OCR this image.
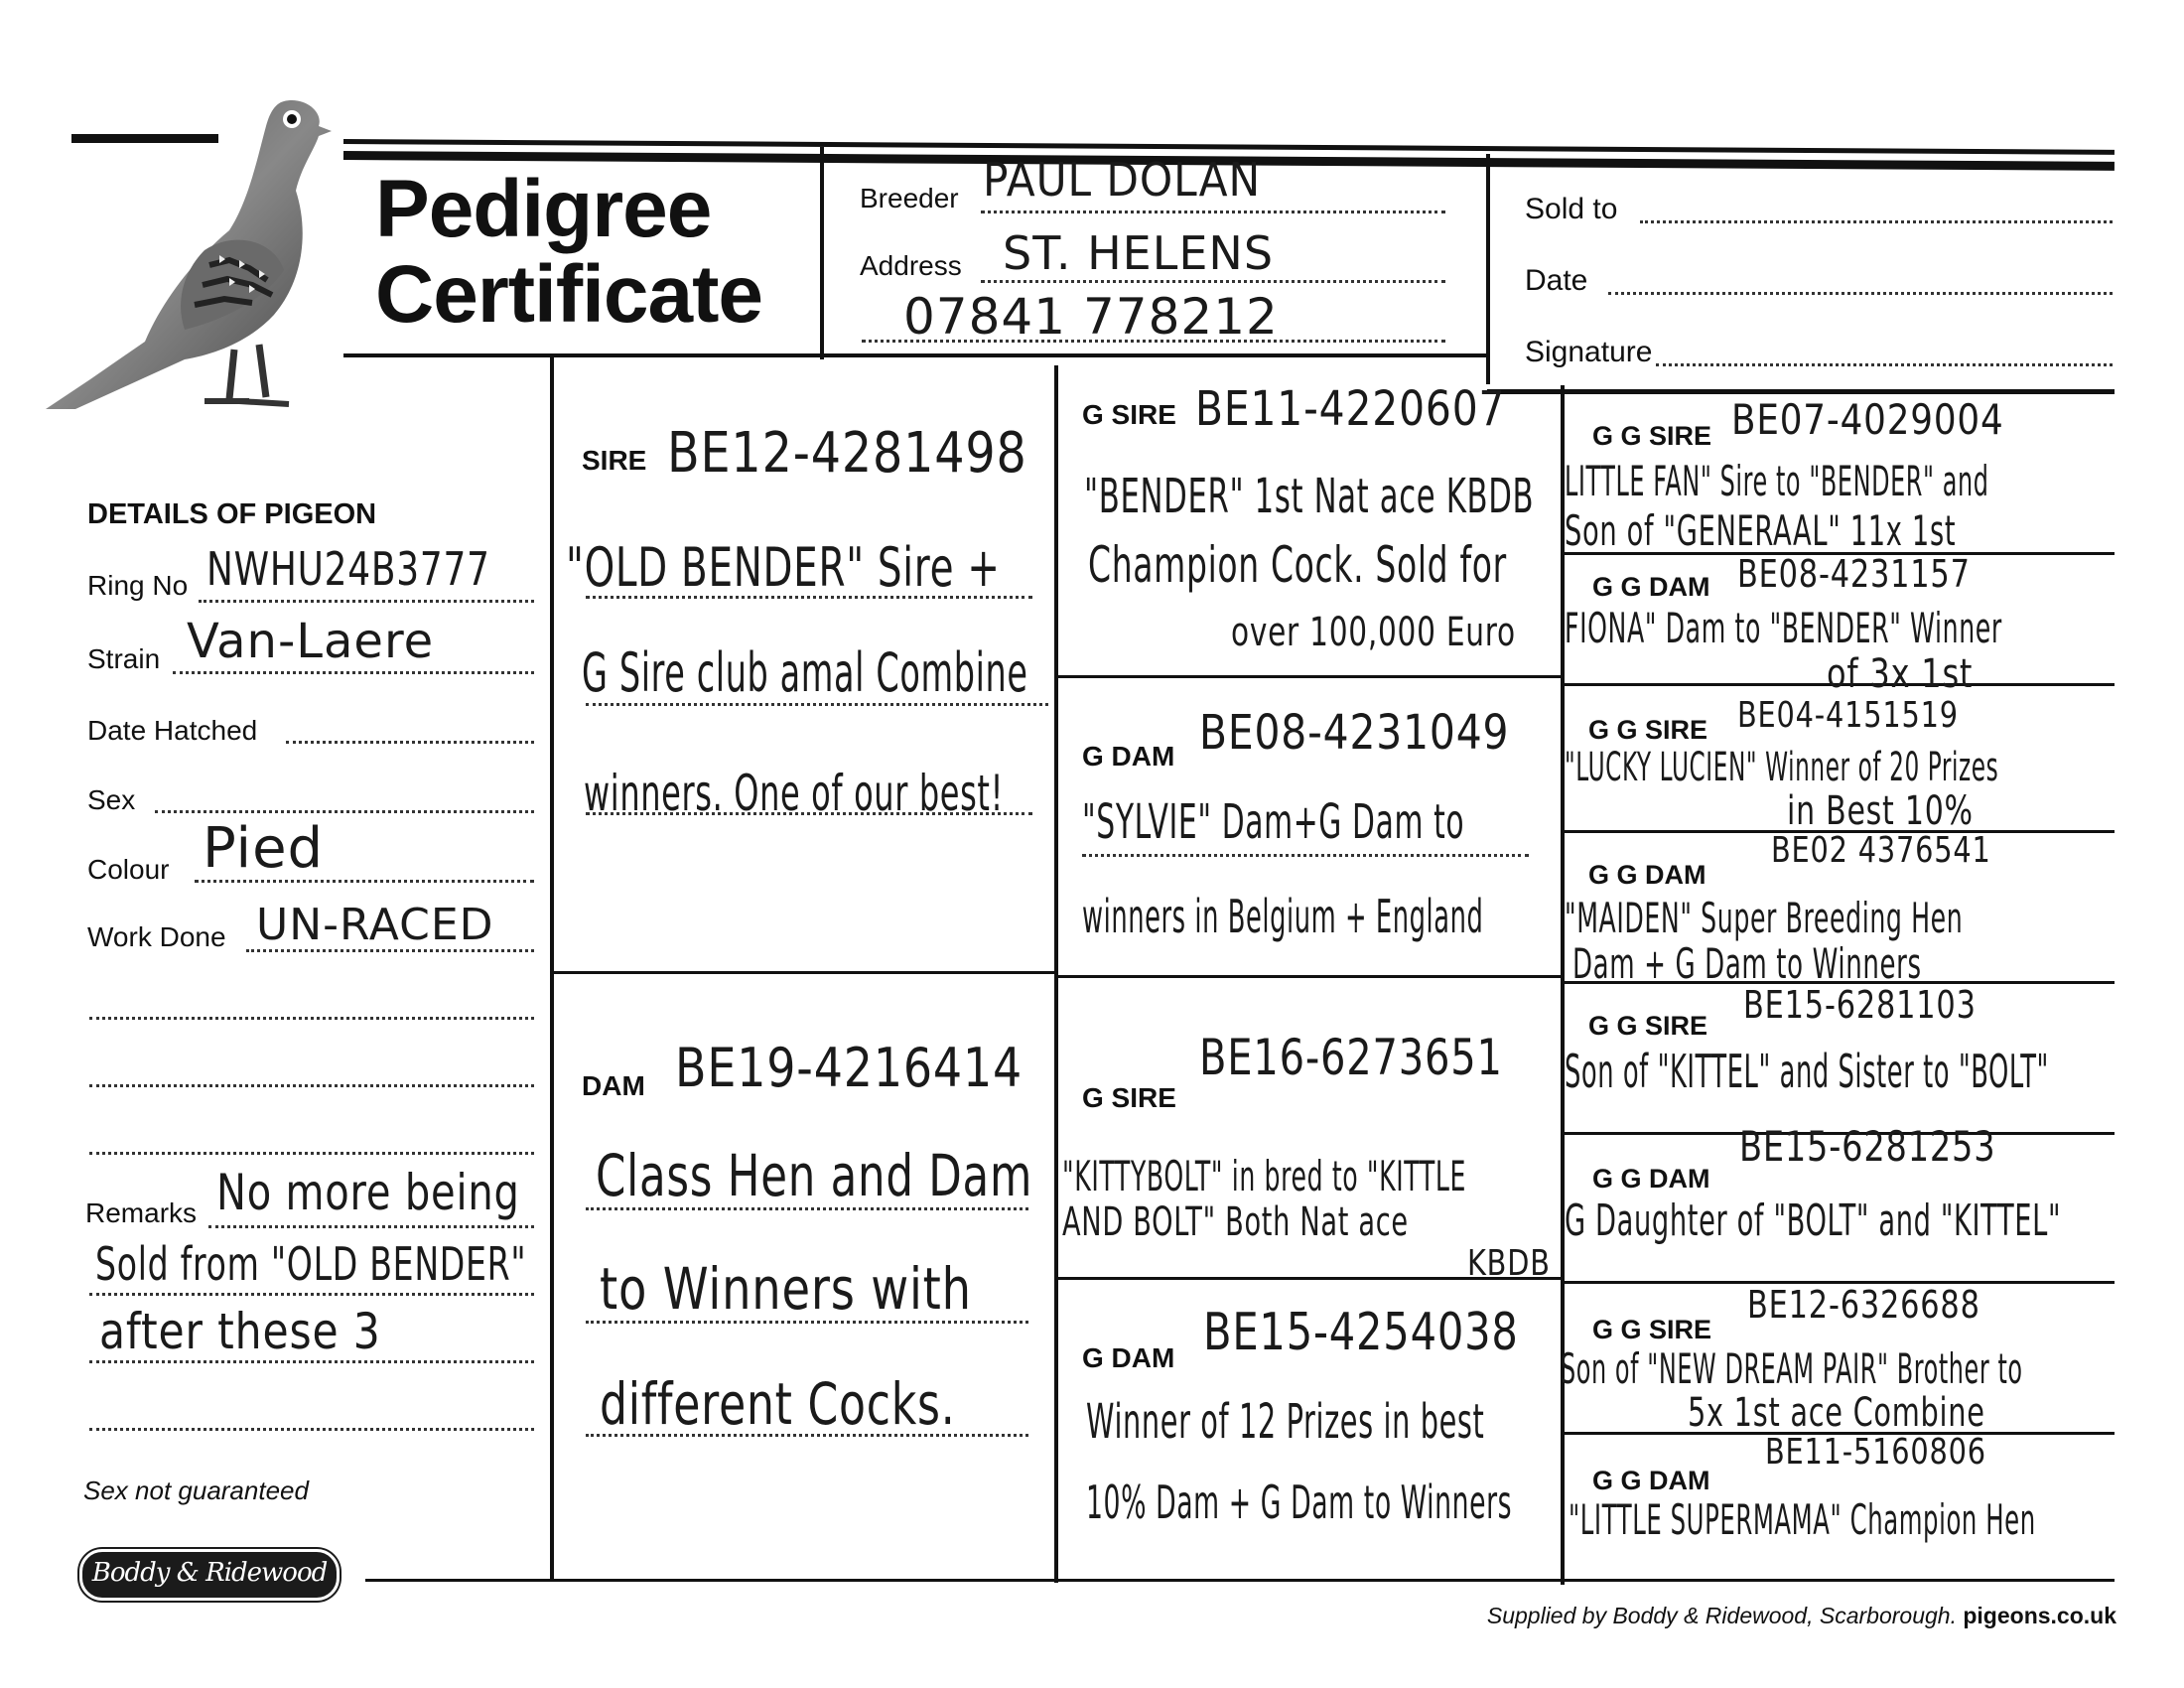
Pedigree
Certificate
Breeder PAUL DOLAN
Address ST. HELENS
07841 778212
Sold to
Date
Signature
DETAILS OF PIGEON
Ring No NWHU24B3777
Strain Van-Laere
Date Hatched
Sex
Colour Pied
Work Done UN-RACED
Remarks No more being
Sold from "OLD BENDER"
after these 3
Sex not guaranteed
Boddy & Ridewood
SIRE BE12-4281498
"OLD BENDER" Sire +
G Sire club amal Combine
winners. One of our best!
DAM BE19-4216414
Class Hen and Dam
to Winners with
different Cocks.
G SIRE BE11-4220607
"BENDER" 1st Nat ace KBDB
Champion Cock. Sold for
over 100,000 Euro
G DAM BE08-4231049
"SYLVIE" Dam+G Dam to
winners in Belgium + England
BE16-6273651
G SIRE
"KITTYBOLT" in bred to "KITTLE
AND BOLT" Both Nat ace
KBDB
G DAM BE15-4254038
Winner of 12 Prizes in best
10% Dam + G Dam to Winners
G G SIRE BE07-4029004
LITTLE FAN" Sire to "BENDER" and
Son of "GENERAAL" 11x 1st
G G DAM BE08-4231157
FIONA" Dam to "BENDER" Winner
of 3x 1st
G G SIRE BE04-4151519
"LUCKY LUCIEN" Winner of 20 Prizes
in Best 10%
BE02 4376541
G G DAM
"MAIDEN" Super Breeding Hen
Dam + G Dam to Winners
BE15-6281103
G G SIRE
Son of "KITTEL" and Sister to "BOLT"
BE15-6281253
G G DAM
G Daughter of "BOLT" and "KITTEL"
BE12-6326688
G G SIRE
Son of "NEW DREAM PAIR" Brother to
5x 1st ace Combine
BE11-5160806
G G DAM
"LITTLE SUPERMAMA" Champion Hen
Supplied by Boddy & Ridewood, Scarborough. pigeons.co.uk
